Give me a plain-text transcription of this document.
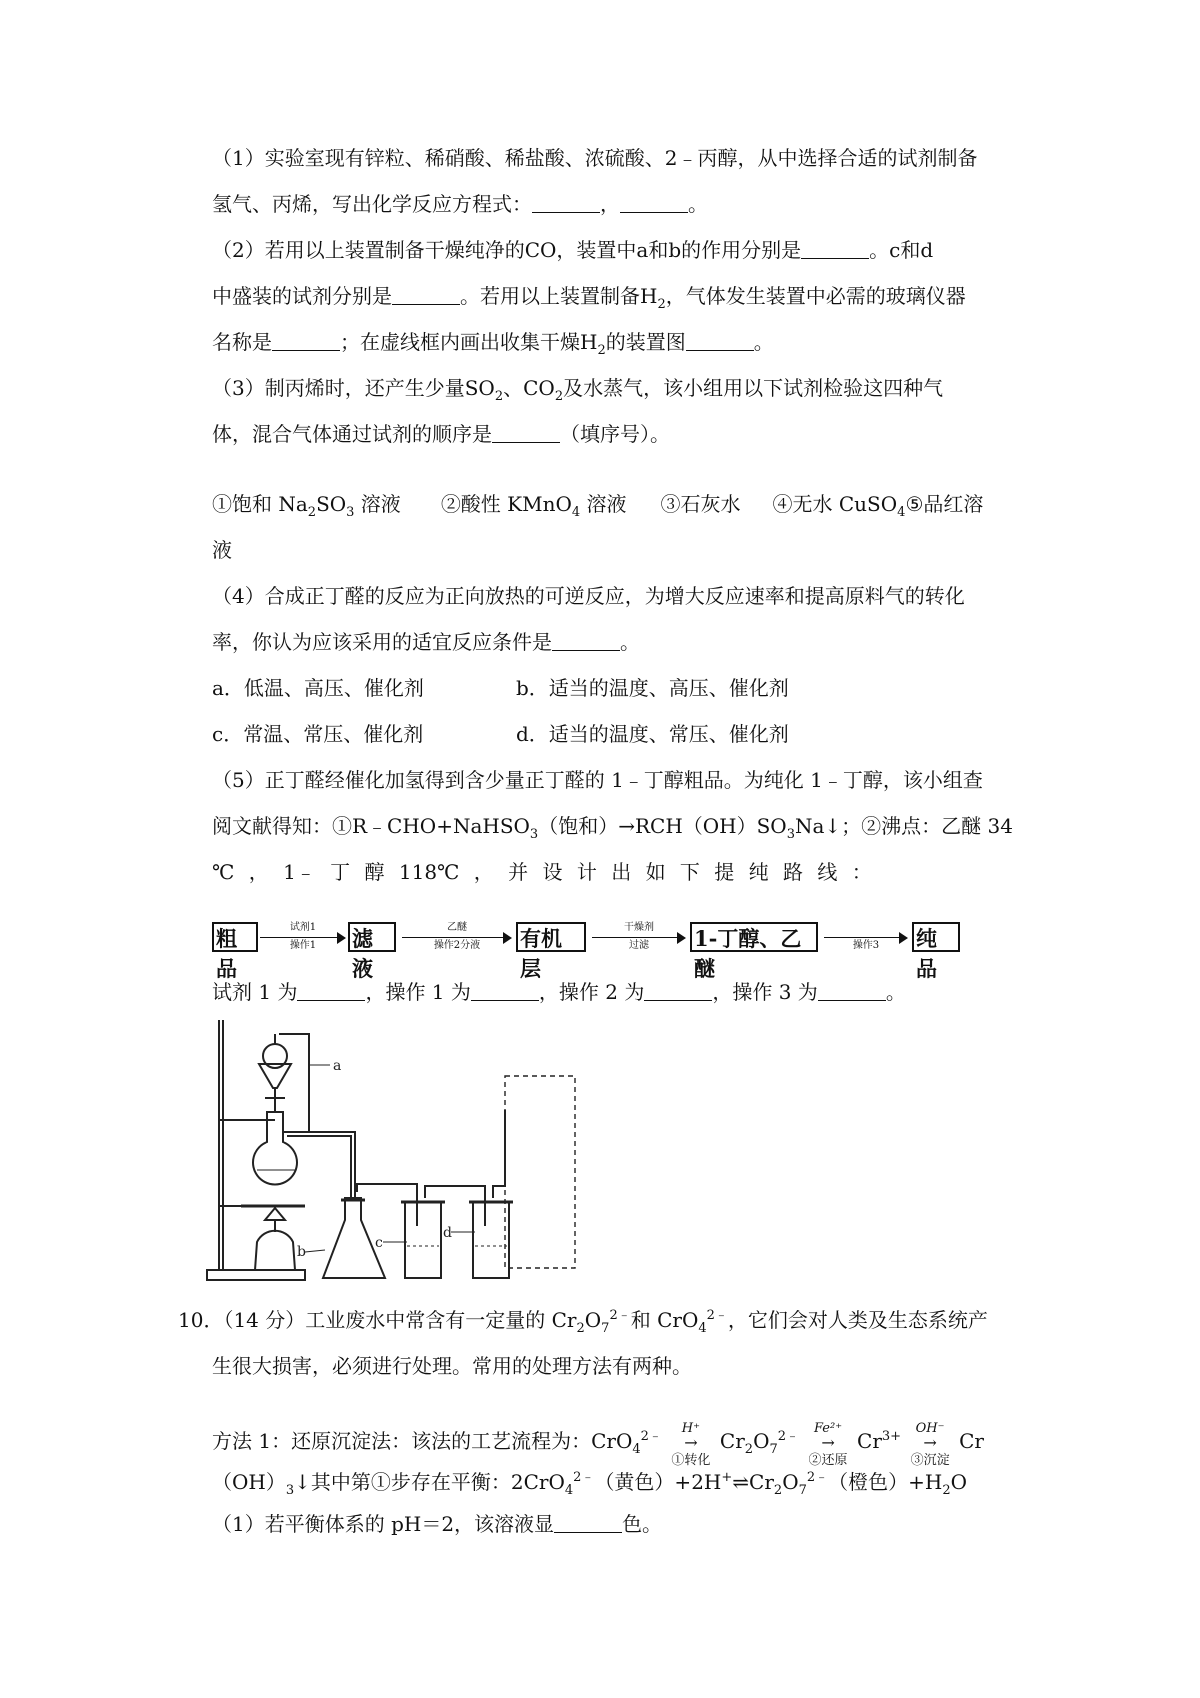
（1）实验室现有锌粒、稀硝酸、稀盐酸、浓硫酸、2﹣丙醇，从中选择合适的试剂制备
氢气、丙烯，写出化学反应方程式：	，	。
（2）若用以上装置制备干燥纯净的CO，装置中a和b的作用分别是	。c和d
中盛装的试剂分别是	。若用以上装置制备$H_2$，气体发生装置中必需的玻璃仪器
名称是	；在虚线框内画出收集干燥$H_2$的装置图	。
（3）制丙烯时，还产生少量$SO_2$、$CO_2$及水蒸气，该小组用以下试剂检验这四种气
体，混合气体通过试剂的顺序是	（填序号）。
①饱和 $Na_2SO_3$ 溶液 ②酸性 KMnO$_4$ 溶液 ③石灰水 ④无水 CuSO$_4$⑤品红溶
液
（4）合成正丁醛的反应为正向放热的可逆反应，为增大反应速率和提高原料气的转化
率，你认为应该采用的适宜反应条件是	。
a．低温、高压、催化剂	b．适当的温度、高压、催化剂
c．常温、常压、催化剂	d．适当的温度、常压、催化剂
（5）正丁醛经催化加氢得到含少量正丁醛的 1﹣丁醇粗品。为纯化 1﹣丁醇，该小组查
阅文献得知：①R﹣CHO+NaHSO$_3$（饱和）$\to RCH(OH)SO_3Na↓$；②沸点：乙醚 34
℃ ， 1﹣ 丁 醇 118℃ ， 并 设 计 出 如 下 提 纯 路 线 ：
粗品
试剂1
操作1	滤液
乙醚
操作2分液	有机层
干燥剂
过滤	1-丁醇、乙醚
操作3	纯品
试剂 1 为	，操作 1 为	，操作 2 为	，操作 3 为	。
a
b
c
d
10．（14 分）工业废水中常含有一定量的 $Cr_2O_7^{2﹣}$和 CrO$_4^{2﹣}$，它们会对人类及生态系统产
生很大损害，必须进行处理。常用的处理方法有两种。
方法 1：还原沉淀法：该法的工艺流程为：CrO$_4^{2﹣}$
H⁺
→
①转化
$Cr_2O_7^{2﹣}$
Fe²⁺
→
②还原
$Cr^{3+}$
OH⁻
→
③沉淀
Cr
$(OH)_3↓$其中第①步存在平衡：2CrO$_4^{2﹣}$（黄色）$+2H^+\rightleftharpoons Cr_2O_7^{2﹣}$（橙色）$+H_2O$
（1）若平衡体系的 pH＝2，该溶液显	色。
